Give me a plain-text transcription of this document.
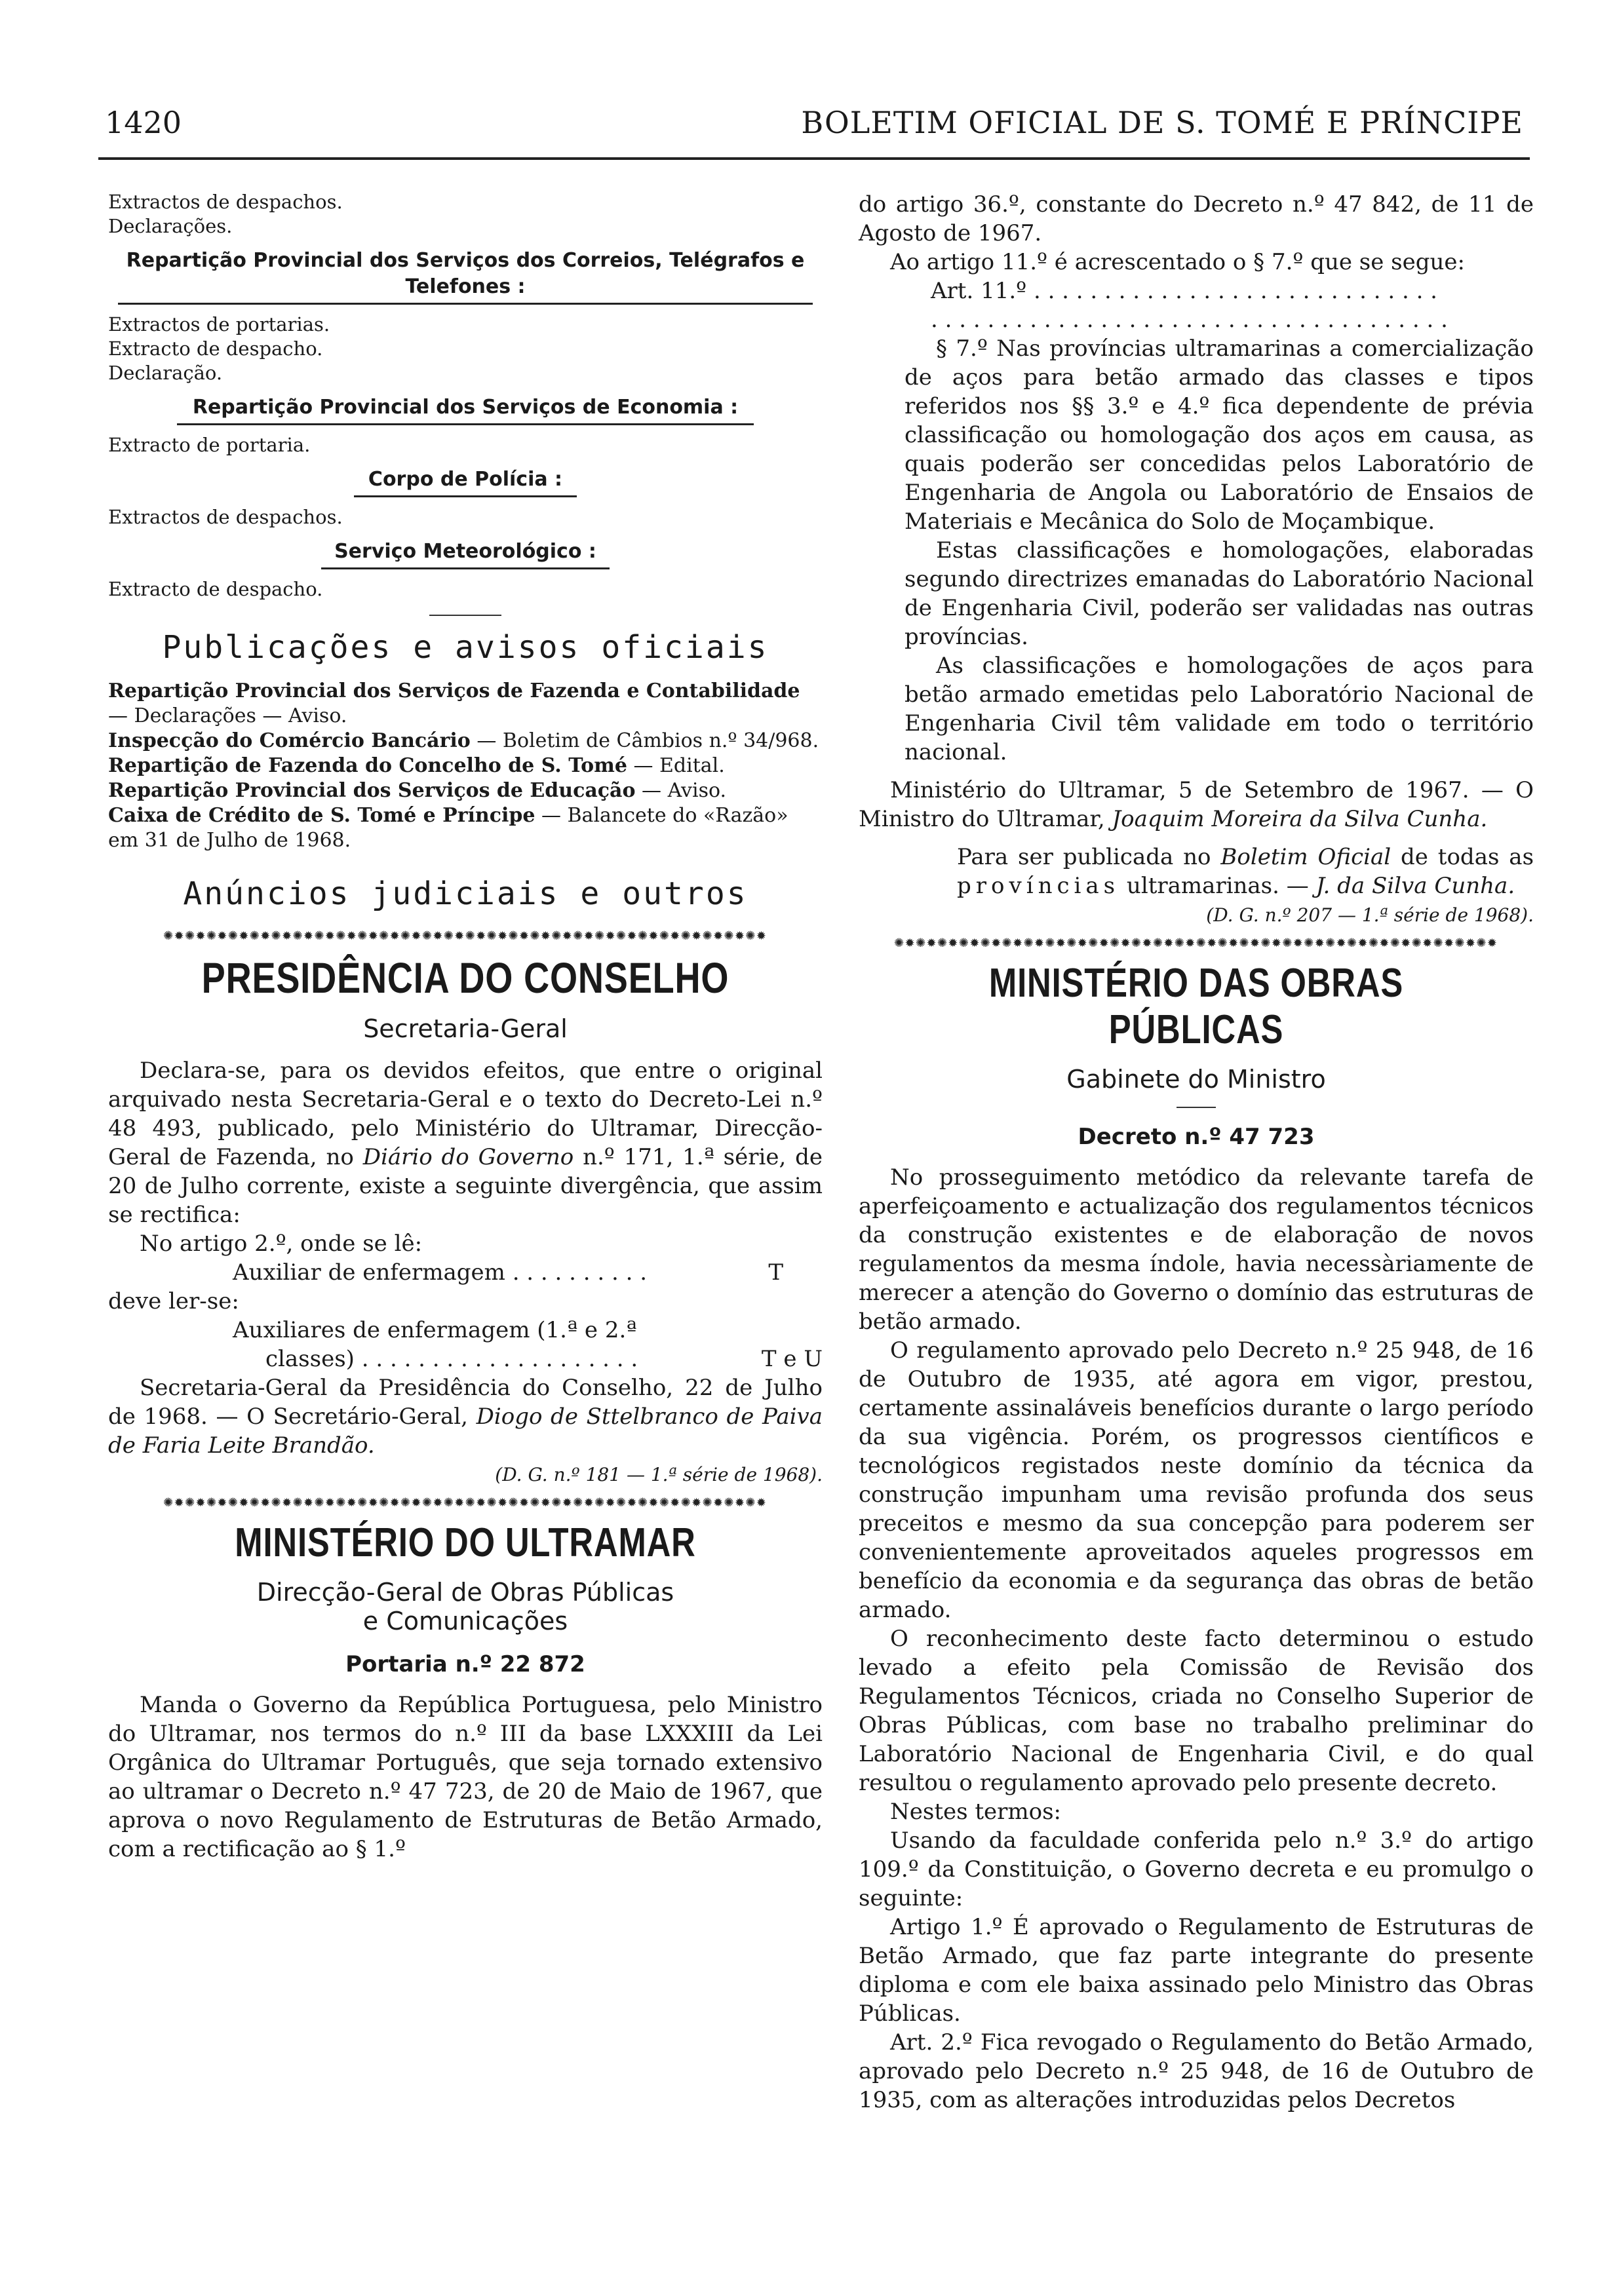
1420	BOLETIM OFICIAL DE S. TOMÉ E PRÍNCIPE

Extractos de despachos.

Declarações.

Repartição Provincial dos Serviços dos Correios, Telégrafos e Telefones :

Extractos de portarias.

Extracto de despacho.

Declaração.

Repartição Provincial dos Serviços de Economia :

Extracto de portaria.

Corpo de Polícia :

Extractos de despachos.

Serviço Meteorológico :

Extracto de despacho.

Publicações e avisos oficiais

Repartição Provincial dos Serviços de Fazenda e Contabilidade — Declarações — Aviso.

Inspecção do Comércio Bancário — Boletim de Câmbios n.º 34/968.

Repartição de Fazenda do Concelho de S. Tomé — Edital.

Repartição Provincial dos Serviços de Educação — Aviso.

Caixa de Crédito de S. Tomé e Príncipe — Balancete do «Razão» em 31 de Julho de 1968.

Anúncios judiciais e outros
✺✹✺✹✺✹✺✹✺✹✺✹✺✹✺✹✺✹✺✹✺✹✺✹✺✹✺✹✺✹✺✹✺✹✺✹✺✹✺✹✺✹✺✹✺✹✺✹✺✹✺✹✺✹✺✹
PRESIDÊNCIA DO CONSELHO
Secretaria-Geral

Declara-se, para os devidos efeitos, que entre o original arquivado nesta Secretaria-Geral e o texto do Decreto-Lei n.º 48 493, publicado, pelo Ministério do Ultramar, Direcção-Geral de Fazenda, no Diário do Governo n.º 171, 1.ª série, de 20 de Julho corrente, existe a seguinte divergência, que assim se rectifica:

No artigo 2.º, onde se lê:

Auxiliar de enfermagem . . . . . . . . . .	T

deve ler-se:

Auxiliares de enfermagem (1.ª e 2.ª

classes) . . . . . . . . . . . . . . . . . . . .	T e U

Secretaria-Geral da Presidência do Conselho, 22 de Julho de 1968. — O Secretário-Geral, Diogo de Sttelbranco de Paiva de Faria Leite Brandão.

(D. G. n.º 181 — 1.ª série de 1968).
✺✹✺✹✺✹✺✹✺✹✺✹✺✹✺✹✺✹✺✹✺✹✺✹✺✹✺✹✺✹✺✹✺✹✺✹✺✹✺✹✺✹✺✹✺✹✺✹✺✹✺✹✺✹✺✹
MINISTÉRIO DO ULTRAMAR
Direcção-Geral de Obras Públicas
e Comunicações
Portaria n.º 22 872

Manda o Governo da República Portuguesa, pelo Ministro do Ultramar, nos termos do n.º III da base LXXXIII da Lei Orgânica do Ultramar Português, que seja tornado extensivo ao ultramar o Decreto n.º 47 723, de 20 de Maio de 1967, que aprova o novo Regulamento de Estruturas de Betão Armado, com a rectificação ao § 1.º

do artigo 36.º, constante do Decreto n.º 47 842, de 11 de Agosto de 1967.

Ao artigo 11.º é acrescentado o § 7.º que se segue:

Art. 11.º . . . . . . . . . . . . . . . . . . . . . . . . . . . . .

. . . . . . . . . . . . . . . . . . . . . . . . . . . . . . . . . . . . .

§ 7.º Nas províncias ultramarinas a comercialização de aços para betão armado das classes e tipos referidos nos §§ 3.º e 4.º fica dependente de prévia classificação ou homologação dos aços em causa, as quais poderão ser concedidas pelos Laboratório de Engenharia de Angola ou Laboratório de Ensaios de Materiais e Mecânica do Solo de Moçambique.

Estas classificações e homologações, elaboradas segundo directrizes emanadas do Laboratório Nacional de Engenharia Civil, poderão ser validadas nas outras províncias.

As classificações e homologações de aços para betão armado emetidas pelo Laboratório Nacional de Engenharia Civil têm validade em todo o território nacional.

Ministério do Ultramar, 5 de Setembro de 1967. — O Ministro do Ultramar, Joaquim Moreira da Silva Cunha.

Para ser publicada no Boletim Oficial de todas as províncias ultramarinas. — J. da Silva Cunha.

(D. G. n.º 207 — 1.ª série de 1968).
✺✹✺✹✺✹✺✹✺✹✺✹✺✹✺✹✺✹✺✹✺✹✺✹✺✹✺✹✺✹✺✹✺✹✺✹✺✹✺✹✺✹✺✹✺✹✺✹✺✹✺✹✺✹✺✹
MINISTÉRIO DAS OBRAS PÚBLICAS
Gabinete do Ministro
Decreto n.º 47 723

No prosseguimento metódico da relevante tarefa de aperfeiçoamento e actualização dos regulamentos técnicos da construção existentes e de elaboração de novos regulamentos da mesma índole, havia necessàriamente de merecer a atenção do Governo o domínio das estruturas de betão armado.

O regulamento aprovado pelo Decreto n.º 25 948, de 16 de Outubro de 1935, até agora em vigor, prestou, certamente assinaláveis benefícios durante o largo período da sua vigência. Porém, os progressos científicos e tecnológicos registados neste domínio da técnica da construção impunham uma revisão profunda dos seus preceitos e mesmo da sua concepção para poderem ser convenientemente aproveitados aqueles progressos em benefício da economia e da segurança das obras de betão armado.

O reconhecimento deste facto determinou o estudo levado a efeito pela Comissão de Revisão dos Regulamentos Técnicos, criada no Conselho Superior de Obras Públicas, com base no trabalho preliminar do Laboratório Nacional de Engenharia Civil, e do qual resultou o regulamento aprovado pelo presente decreto.

Nestes termos:

Usando da faculdade conferida pelo n.º 3.º do artigo 109.º da Constituição, o Governo decreta e eu promulgo o seguinte:

Artigo 1.º É aprovado o Regulamento de Estruturas de Betão Armado, que faz parte integrante do presente diploma e com ele baixa assinado pelo Ministro das Obras Públicas.

Art. 2.º Fica revogado o Regulamento do Betão Armado, aprovado pelo Decreto n.º 25 948, de 16 de Outubro de 1935, com as alterações introduzidas pelos Decretos
